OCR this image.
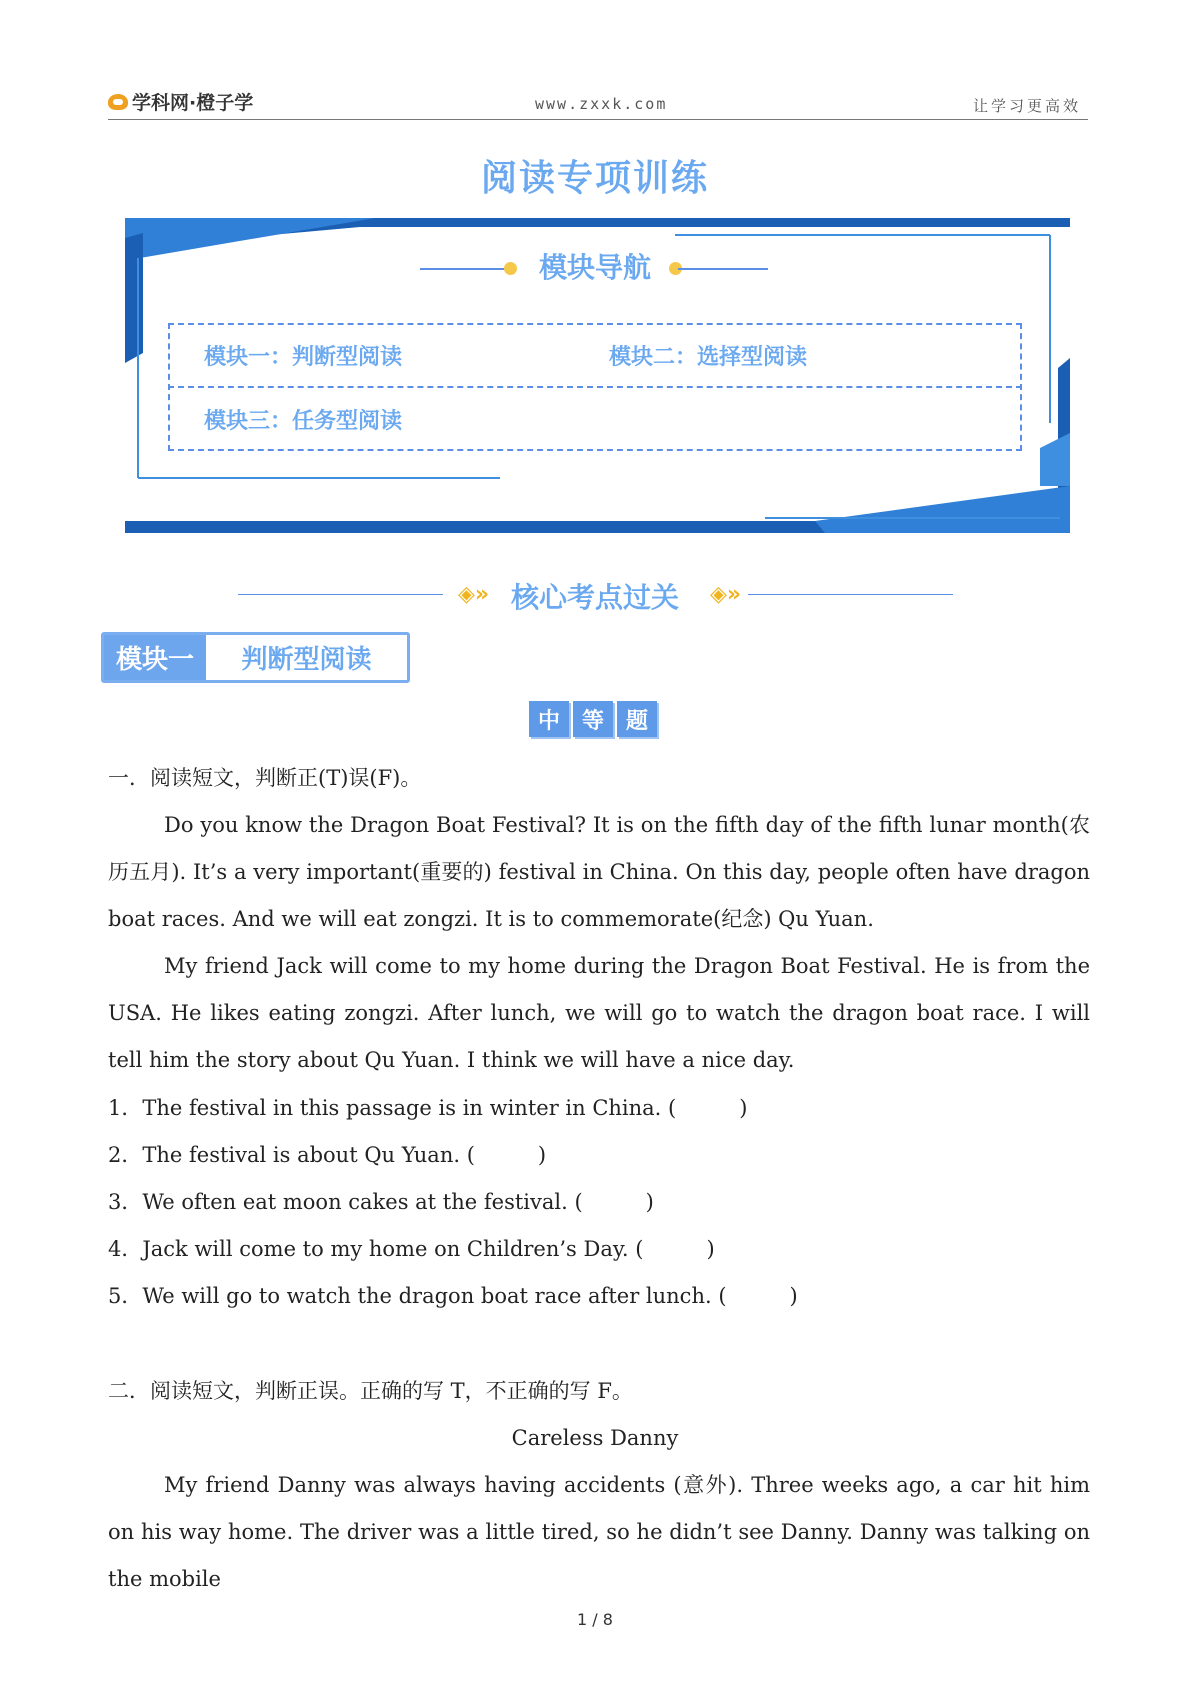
学科网·橙子学	www.zxxk.com	让学习更高效
阅读专项训练
模块导航
模块一：判断型阅读	模块二：选择型阅读
模块三：任务型阅读
◈» 核心考点过关	◈»
模块一	判断型阅读
中 等 题
一．阅读短文，判断正(T)误(F)。
Do you know the Dragon Boat Festival? It is on the fifth day of the fifth lunar month(农历五月). It’s a very important(重要的) festival in China. On this day, people often have dragon boat races. And we will eat zongzi. It is to commemorate(纪念) Qu Yuan.
My friend Jack will come to my home during the Dragon Boat Festival. He is from the USA. He likes eating zongzi. After lunch, we will go to watch the dragon boat race. I will tell him the story about Qu Yuan. I think we will have a nice day.
1．The festival in this passage is in winter in China. (　　　)
2．The festival is about Qu Yuan. (　　　)
3．We often eat moon cakes at the festival. (　　　)
4．Jack will come to my home on Children’s Day. (　　　)
5．We will go to watch the dragon boat race after lunch. (　　　)
二．阅读短文，判断正误。正确的写 T，不正确的写 F。
Careless Danny
My friend Danny was always having accidents (意外). Three weeks ago, a car hit him on his way home. The driver was a little tired, so he didn’t see Danny. Danny was talking on the mobile
1 / 8
